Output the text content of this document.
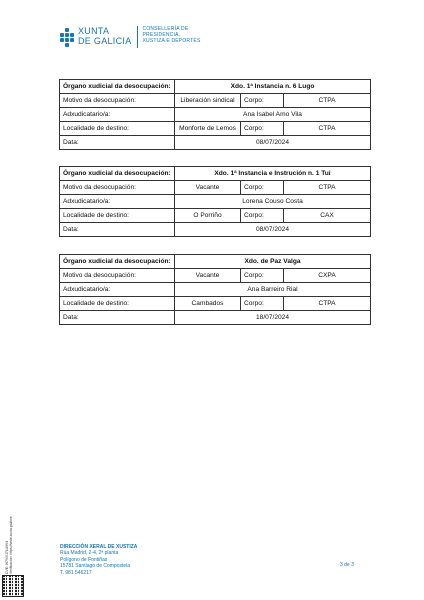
XUNTA
DE GALICIA
CONSELLERÍA DE
PRESIDENCIA,
XUSTIZA E DEPORTES
Órgano xudicial da desocupación:	Xdo. 1ª Instancia n. 6 Lugo		
Motivo da desocupación:	Liberación sindical	Corpo:	CTPA
Adxudicatario/a:	Ana Isabel Amo Vila		
Localidade de destino:	Monforte de Lemos	Corpo:	CTPA
Data:	08/07/2024		
Órgano xudicial da desocupación:	Xdo. 1ª Instancia e Instrución n. 1 Tui		
Motivo da desocupación:	Vacante	Corpo:	CTPA
Adxudicatario/a:	Lorena Couso Costa		
Localidade de destino:	O Porriño	Corpo:	CAX
Data:	08/07/2024		
Órgano xudicial da desocupación:	Xdo. de Paz Valga		
Motivo da desocupación:	Vacante	Corpo:	CXPA
Adxudicatario/a:	Ana Barreiro Rial		
Localidade de destino:	Cambados	Corpo:	CTPA
Data:	18/07/2024		
CVE: W7ViVJ7LU9V4 Verificación: https://sede.xunta.gal/cve	DIRECCIÓN XERAL DE XUSTIZA
Rúa Madrid, 2-4, 2ª planta
Polígono de Fontiñas
15781 Santiago de Compostela
T. 981 546217
3 de 3
